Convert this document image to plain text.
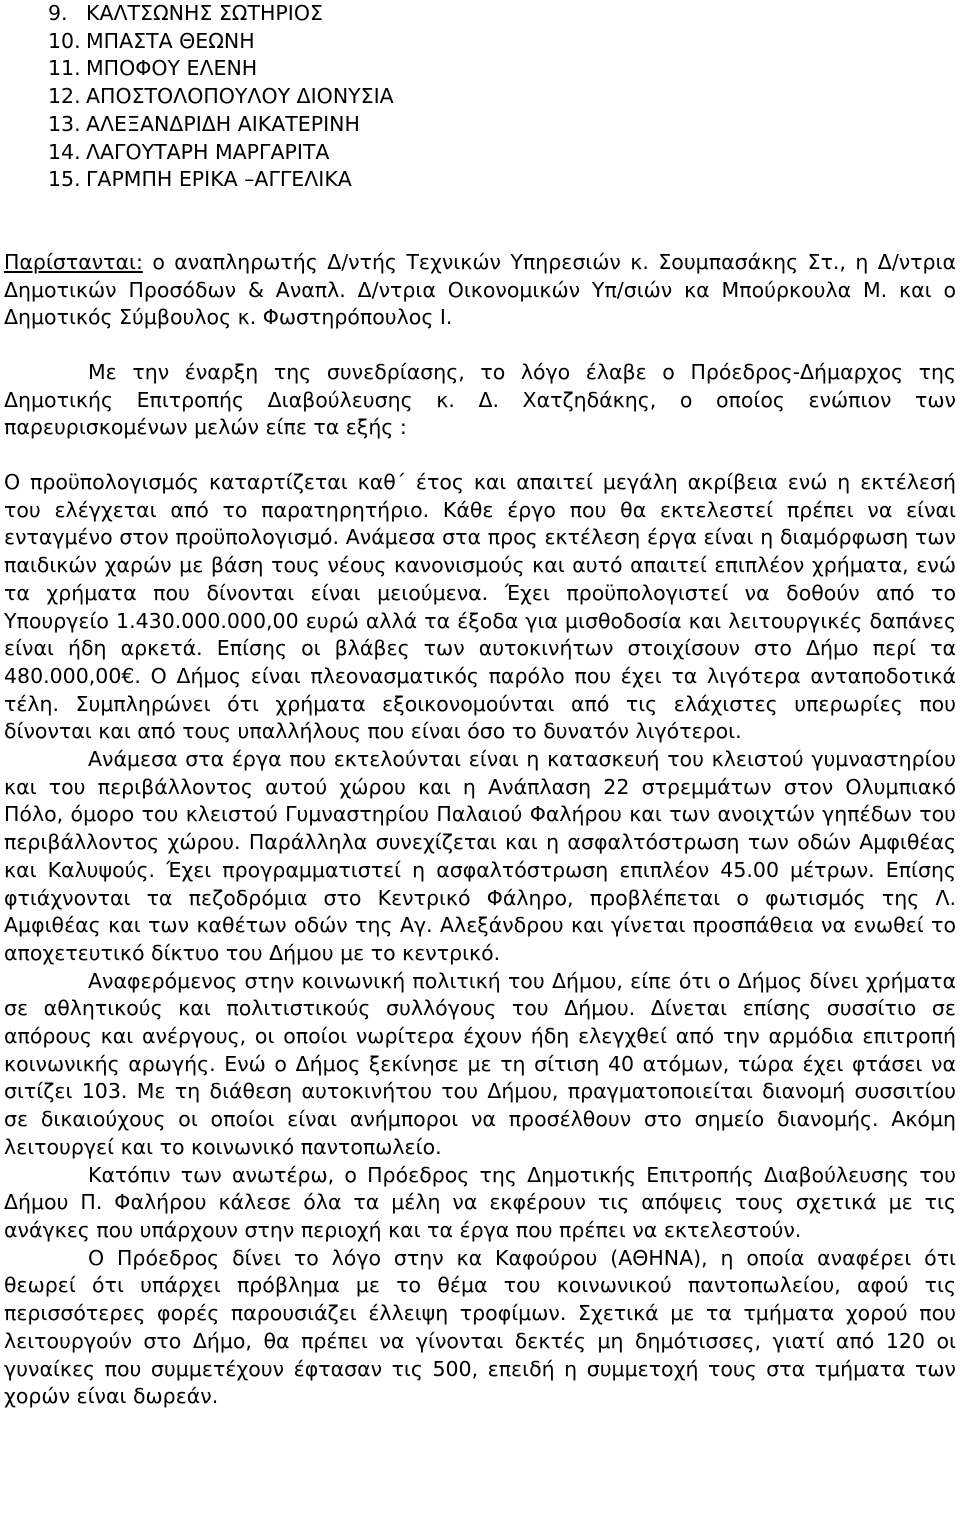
9. ΚΑΛΤΣΩΝΗΣ ΣΩΤΗΡΙΟΣ
10. ΜΠΑΣΤΑ ΘΕΩΝΗ
11. ΜΠΟΦΟΥ ΕΛΕΝΗ
12. ΑΠΟΣΤΟΛΟΠΟΥΛΟΥ ΔΙΟΝΥΣΙΑ
13. ΑΛΕΞΑΝΔΡΙΔΗ ΑΙΚΑΤΕΡΙΝΗ
14. ΛΑΓΟΥΤΑΡΗ ΜΑΡΓΑΡΙΤΑ
15. ΓΑΡΜΠΗ ΕΡΙΚΑ –ΑΓΓΕΛΙΚΑ

Παρίστανται: ο αναπληρωτής Δ/ντής Τεχνικών Υπηρεσιών κ. Σουμπασάκης Στ., η Δ/ντρια Δημοτικών Προσόδων & Αναπλ. Δ/ντρια Οικονομικών Υπ/σιών κα Μπούρκουλα Μ. και ο Δημοτικός Σύμβουλος κ. Φωστηρόπουλος Ι.

Με την έναρξη της συνεδρίασης, το λόγο έλαβε ο Πρόεδρος-Δήμαρχος της Δημοτικής Επιτροπής Διαβούλευσης κ. Δ. Χατζηδάκης, ο οποίος ενώπιον των παρευρισκομένων μελών είπε τα εξής :

Ο προϋπολογισμός καταρτίζεται καθ΄ έτος και απαιτεί μεγάλη ακρίβεια ενώ η εκτέλεσή του ελέγχεται από το παρατηρητήριο. Κάθε έργο που θα εκτελεστεί πρέπει να είναι ενταγμένο στον προϋπολογισμό. Ανάμεσα στα προς εκτέλεση έργα είναι η διαμόρφωση των παιδικών χαρών με βάση τους νέους κανονισμούς και αυτό απαιτεί επιπλέον χρήματα, ενώ τα χρήματα που δίνονται είναι μειούμενα. Έχει προϋπολογιστεί να δοθούν από το Υπουργείο 1.430.000.000,00 ευρώ αλλά τα έξοδα για μισθοδοσία και λειτουργικές δαπάνες είναι ήδη αρκετά. Επίσης οι βλάβες των αυτοκινήτων στοιχίσουν στο Δήμο περί τα 480.000,00€. Ο Δήμος είναι πλεονασματικός παρόλο που έχει τα λιγότερα ανταποδοτικά τέλη. Συμπληρώνει ότι χρήματα εξοικονομούνται από τις ελάχιστες υπερωρίες που δίνονται και από τους υπαλλήλους που είναι όσο το δυνατόν λιγότεροι.

Ανάμεσα στα έργα που εκτελούνται είναι η κατασκευή του κλειστού γυμναστηρίου και του περιβάλλοντος αυτού χώρου και η Ανάπλαση 22 στρεμμάτων στον Ολυμπιακό Πόλο, όμορο του κλειστού Γυμναστηρίου Παλαιού Φαλήρου και των ανοιχτών γηπέδων του περιβάλλοντος χώρου. Παράλληλα συνεχίζεται και η ασφαλτόστρωση των οδών Αμφιθέας και Καλυψούς. Έχει προγραμματιστεί η ασφαλτόστρωση επιπλέον 45.00 μέτρων. Επίσης φτιάχνονται τα πεζοδρόμια στο Κεντρικό Φάληρο, προβλέπεται ο φωτισμός της Λ. Αμφιθέας και των καθέτων οδών της Αγ. Αλεξάνδρου και γίνεται προσπάθεια να ενωθεί το αποχετευτικό δίκτυο του Δήμου με το κεντρικό.

Αναφερόμενος στην κοινωνική πολιτική του Δήμου, είπε ότι ο Δήμος δίνει χρήματα σε αθλητικούς και πολιτιστικούς συλλόγους του Δήμου. Δίνεται επίσης συσσίτιο σε απόρους και ανέργους, οι οποίοι νωρίτερα έχουν ήδη ελεγχθεί από την αρμόδια επιτροπή κοινωνικής αρωγής. Ενώ ο Δήμος ξεκίνησε με τη σίτιση 40 ατόμων, τώρα έχει φτάσει να σιτίζει 103. Με τη διάθεση αυτοκινήτου του Δήμου, πραγματοποιείται διανομή συσσιτίου σε δικαιούχους οι οποίοι είναι ανήμποροι να προσέλθουν στο σημείο διανομής. Ακόμη λειτουργεί και το κοινωνικό παντοπωλείο.

Κατόπιν των ανωτέρω, ο Πρόεδρος της Δημοτικής Επιτροπής Διαβούλευσης του Δήμου Π. Φαλήρου κάλεσε όλα τα μέλη να εκφέρουν τις απόψεις τους σχετικά με τις ανάγκες που υπάρχουν στην περιοχή και τα έργα που πρέπει να εκτελεστούν.

Ο Πρόεδρος δίνει το λόγο στην κα Καφούρου (ΑΘΗΝΑ), η οποία αναφέρει ότι θεωρεί ότι υπάρχει πρόβλημα με το θέμα του κοινωνικού παντοπωλείου, αφού τις περισσότερες φορές παρουσιάζει έλλειψη τροφίμων. Σχετικά με τα τμήματα χορού που λειτουργούν στο Δήμο, θα πρέπει να γίνονται δεκτές μη δημότισσες, γιατί από 120 οι γυναίκες που συμμετέχουν έφτασαν τις 500, επειδή η συμμετοχή τους στα τμήματα των χορών είναι δωρεάν.
